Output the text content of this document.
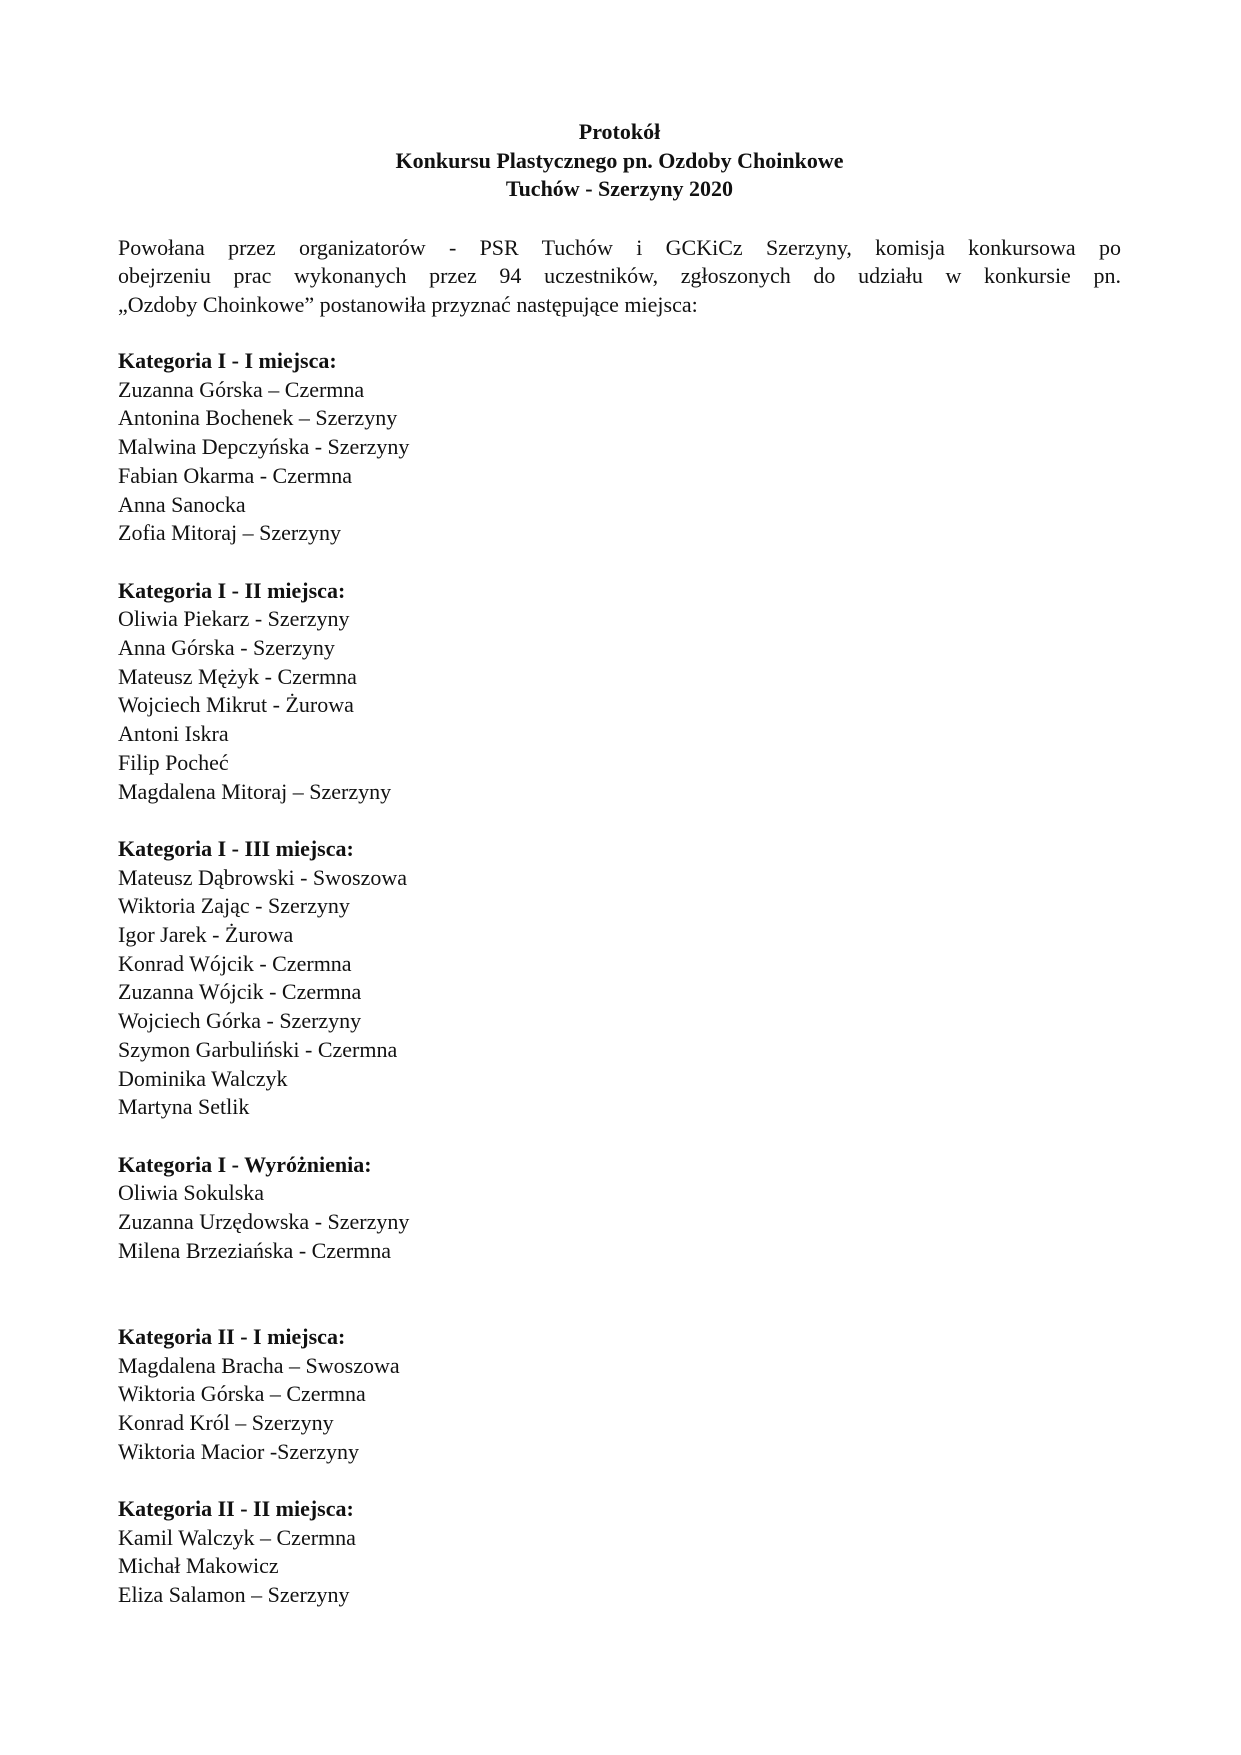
Protokół
Konkursu Plastycznego pn. Ozdoby Choinkowe
Tuchów - Szerzyny 2020
Powołana przez organizatorów - PSR Tuchów i GCKiCz Szerzyny, komisja konkursowa po
obejrzeniu prac wykonanych przez 94 uczestników, zgłoszonych do udziału w konkursie pn.
„Ozdoby Choinkowe” postanowiła przyznać następujące miejsca:
Kategoria I - I miejsca:
Zuzanna Górska – Czermna
Antonina Bochenek – Szerzyny
Malwina Depczyńska - Szerzyny
Fabian Okarma - Czermna
Anna Sanocka
Zofia Mitoraj – Szerzyny
Kategoria I - II miejsca:
Oliwia Piekarz - Szerzyny
Anna Górska - Szerzyny
Mateusz Mężyk - Czermna
Wojciech Mikrut - Żurowa
Antoni Iskra
Filip Pocheć
Magdalena Mitoraj – Szerzyny
Kategoria I - III miejsca:
Mateusz Dąbrowski - Swoszowa
Wiktoria Zając - Szerzyny
Igor Jarek - Żurowa
Konrad Wójcik - Czermna
Zuzanna Wójcik - Czermna
Wojciech Górka - Szerzyny
Szymon Garbuliński - Czermna
Dominika Walczyk
Martyna Setlik
Kategoria I - Wyróżnienia:
Oliwia Sokulska
Zuzanna Urzędowska - Szerzyny
Milena Brzeziańska - Czermna
Kategoria II - I miejsca:
Magdalena Bracha – Swoszowa
Wiktoria Górska – Czermna
Konrad Król – Szerzyny
Wiktoria Macior -Szerzyny
Kategoria II - II miejsca:
Kamil Walczyk – Czermna
Michał Makowicz
Eliza Salamon – Szerzyny
